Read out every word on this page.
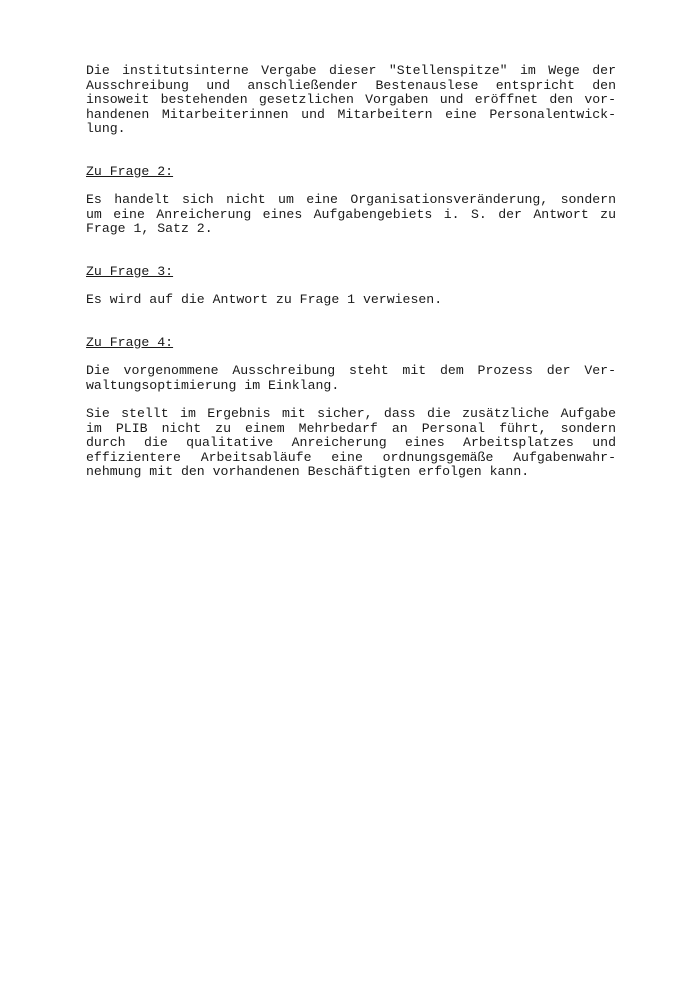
Die institutsinterne Vergabe dieser "Stellenspitze" im Wege der
Ausschreibung und anschließender Bestenauslese entspricht den
insoweit bestehenden gesetzlichen Vorgaben und eröffnet den vor-
handenen Mitarbeiterinnen und Mitarbeitern eine Personalentwick-
lung.

Zu Frage 2:

Es handelt sich nicht um eine Organisationsveränderung, sondern
um eine Anreicherung eines Aufgabengebiets i. S. der Antwort zu
Frage 1, Satz 2.

Zu Frage 3:

Es wird auf die Antwort zu Frage 1 verwiesen.

Zu Frage 4:

Die vorgenommene Ausschreibung steht mit dem Prozess der Ver-
waltungsoptimierung im Einklang.

Sie stellt im Ergebnis mit sicher, dass die zusätzliche Aufgabe
im PLIB nicht zu einem Mehrbedarf an Personal führt, sondern
durch die qualitative Anreicherung eines Arbeitsplatzes und
effizientere Arbeitsabläufe eine ordnungsgemäße Aufgabenwahr-
nehmung mit den vorhandenen Beschäftigten erfolgen kann.
